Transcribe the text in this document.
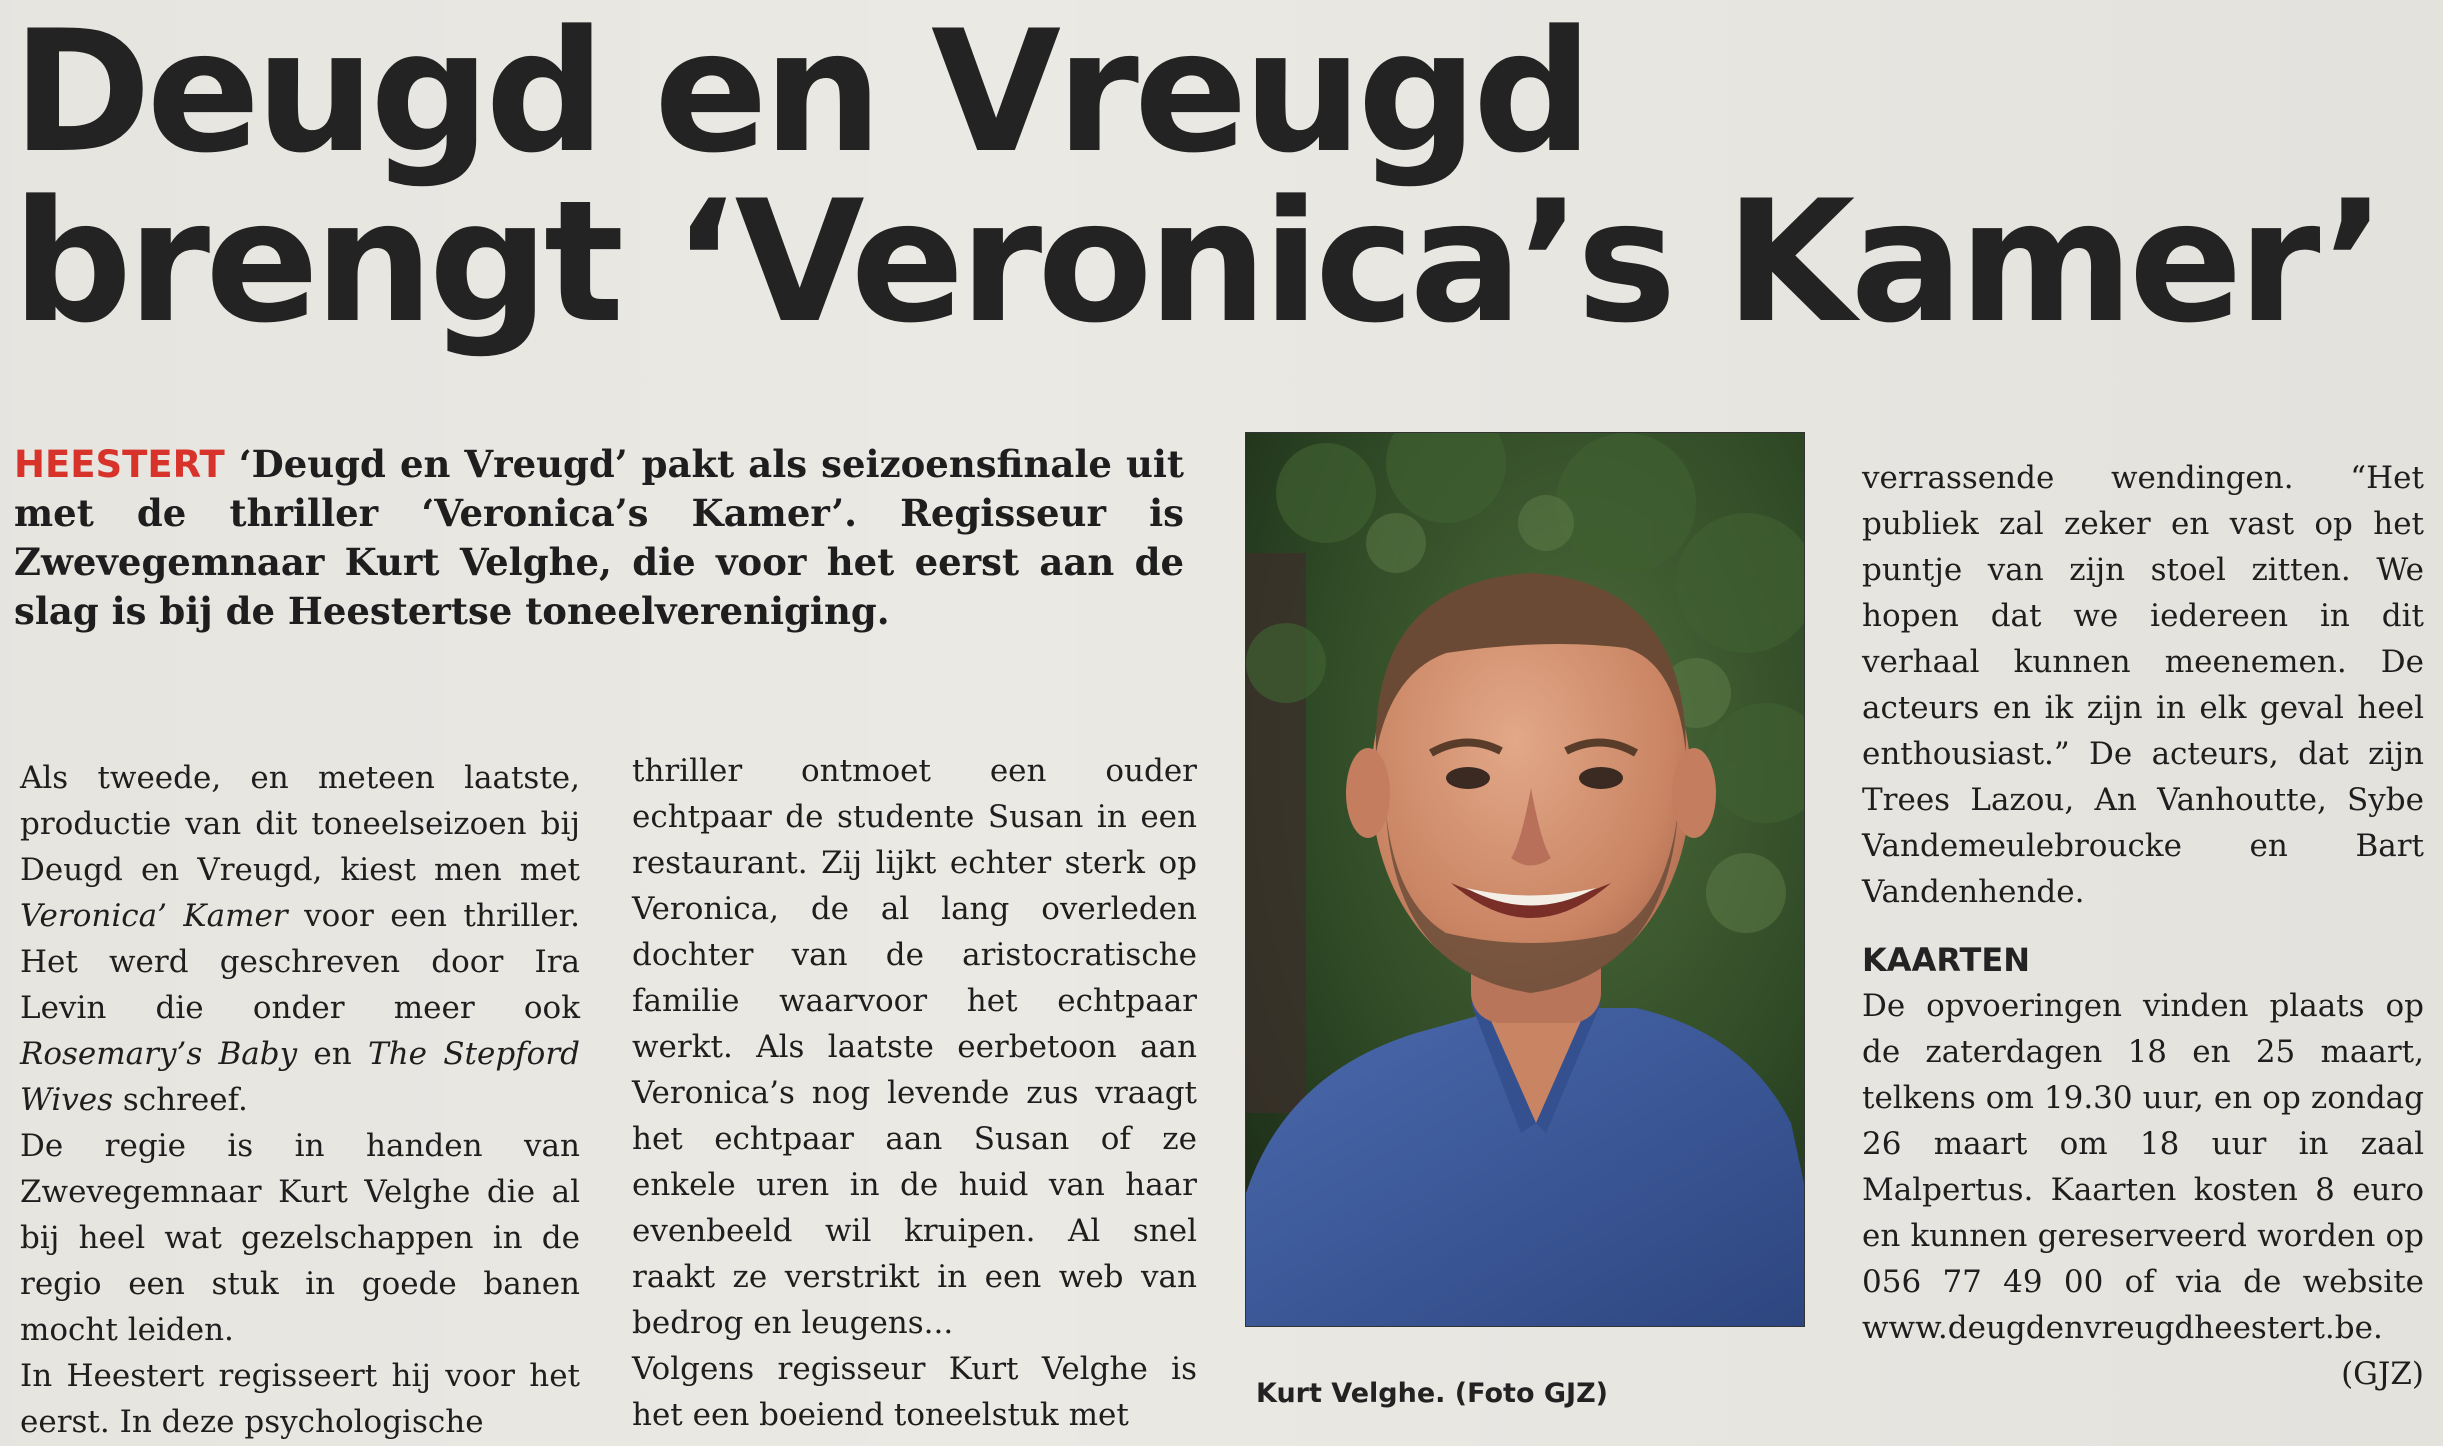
Deugd en Vreugd
brengt ‘Veronica’s Kamer’

HEESTERT ‘Deugd en Vreugd’ pakt als seizoensfinale uit met de thriller ‘Veronica’s Kamer’. Regisseur is Zwevegemnaar Kurt Velghe, die voor het eerst aan de slag is bij de Heestertse toneelvereniging.

Als tweede, en meteen laatste, productie van dit toneelseizoen bij Deugd en Vreugd, kiest men met Veronica’ Kamer voor een thriller. Het werd geschreven door Ira Levin die onder meer ook Rosemary’s Baby en The Stepford Wives schreef.

De regie is in handen van Zwevegemnaar Kurt Velghe die al bij heel wat gezelschappen in de regio een stuk in goede banen mocht leiden.

In Heestert regisseert hij voor het eerst. In deze psychologische

thriller ontmoet een ouder echtpaar de studente Susan in een restaurant. Zij lijkt echter sterk op Veronica, de al lang overleden dochter van de aristocratische familie waarvoor het echtpaar werkt. Als laatste eerbetoon aan Veronica’s nog levende zus vraagt het echtpaar aan Susan of ze enkele uren in de huid van haar evenbeeld wil kruipen. Al snel raakt ze verstrikt in een web van bedrog en leugens...

Volgens regisseur Kurt Velghe is het een boeiend toneelstuk met

Kurt Velghe. (Foto GJZ)

verrassende wendingen. “Het publiek zal zeker en vast op het puntje van zijn stoel zitten. We hopen dat we iedereen in dit verhaal kunnen meenemen. De acteurs en ik zijn in elk geval heel enthousiast.” De acteurs, dat zijn Trees Lazou, An Vanhoutte, Sybe Vandemeulebroucke en Bart Vandenhende.

KAARTEN

De opvoeringen vinden plaats op de zaterdagen 18 en 25 maart, telkens om 19.30 uur, en op zondag 26 maart om 18 uur in zaal Malpertus. Kaarten kosten 8 euro en kunnen gereserveerd worden op 056 77 49 00 of via de website www.deugdenvreugdheestert.be.

(GJZ)
